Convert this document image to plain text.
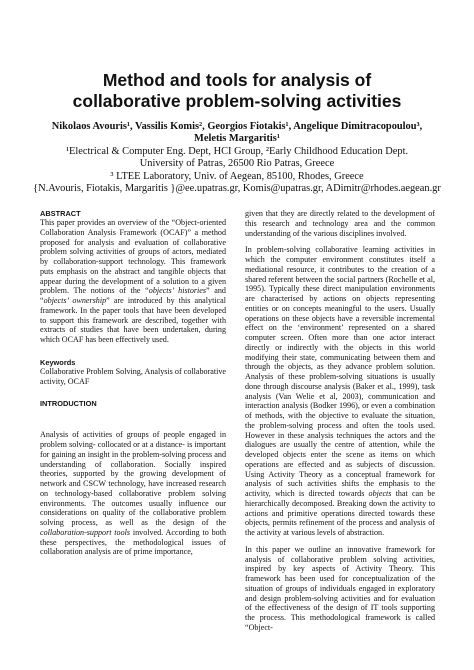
Method and tools for analysis of
collaborative problem-solving activities
Nikolaos Avouris¹, Vassilis Komis², Georgios Fiotakis¹, Angelique Dimitracopoulou³,
Meletis Margaritis¹
¹Electrical & Computer Eng. Dept, HCI Group, ²Early Childhood Education Dept.
University of Patras, 26500 Rio Patras, Greece
³ LTEE Laboratory, Univ. of Aegean, 85100, Rhodes, Greece
{N.Avouris, Fiotakis, Margaritis }@ee.upatras.gr, Komis@upatras.gr, ADimitr@rhodes.aegean.gr
ABSTRACT

This paper provides an overview of the “Object-oriented Collaboration Analysis Framework (OCAF)” a method proposed for analysis and evaluation of collaborative problem solving activities of groups of actors, mediated by collaboration-support technology. This framework puts emphasis on the abstract and tangible objects that appear during the development of a solution to a given problem. The notions of the “objects’ histories” and “objects’ ownership” are introduced by this analytical framework. In the paper tools that have been developed to support this framework are described, together with extracts of studies that have been undertaken, during which OCAF has been effectively used.

Keywords

Collaborative Problem Solving, Analysis of collaborative activity, OCAF

INTRODUCTION

Analysis of activities of groups of people engaged in problem solving- collocated or at a distance- is important for gaining an insight in the problem-solving process and understanding of collaboration. Socially inspired theories, supported by the growing development of network and CSCW technology, have increased research on technology-based collaborative problem solving environments. The outcomes usually influence our considerations on quality of the collaborative problem solving process, as well as the design of the collaboration-support tools involved. According to both these perspectives, the methodological issues of collaboration analysis are of prime importance,

given that they are directly related to the development of this research and technology area and the common understanding of the various disciplines involved.

In problem-solving collaborative learning activities in which the computer environment constitutes itself a mediational resource, it contributes to the creation of a shared referent between the social partners (Rochelle et al, 1995). Typically these direct manipulation environments are characterised by actions on objects representing entities or on concepts meaningful to the users. Usually operations on these objects have a reversible incremental effect on the ‘environment’ represented on a shared computer screen. Often more than one actor interact directly or indirectly with the objects in this world modifying their state, communicating between them and through the objects, as they advance problem solution. Analysis of these problem-solving situations is usually done through discourse analysis (Baker et al., 1999), task analysis (Van Welie et al, 2003), communication and interaction analysis (Bodker 1996), or even a combination of methods, with the objective to evaluate the situation, the problem-solving process and often the tools used. However in these analysis techniques the actors and the dialogues are usually the centre of attention, while the developed objects enter the scene as items on which operations are effected and as subjects of discussion. Using Activity Theory as a conceptual framework for analysis of such activities shifts the emphasis to the activity, which is directed towards objects that can be hierarchically decomposed. Breaking down the activity to actions and primitive operations directed towards these objects, permits refinement of the process and analysis of the activity at various levels of abstraction.

In this paper we outline an innovative framework for analysis of collaborative problem solving activities, inspired by key aspects of Activity Theory. This framework has been used for conceptualization of the situation of groups of individuals engaged in exploratory and design problem-solving activities and for evaluation of the effectiveness of the design of IT tools supporting the process. This methodological framework is called “Object-
